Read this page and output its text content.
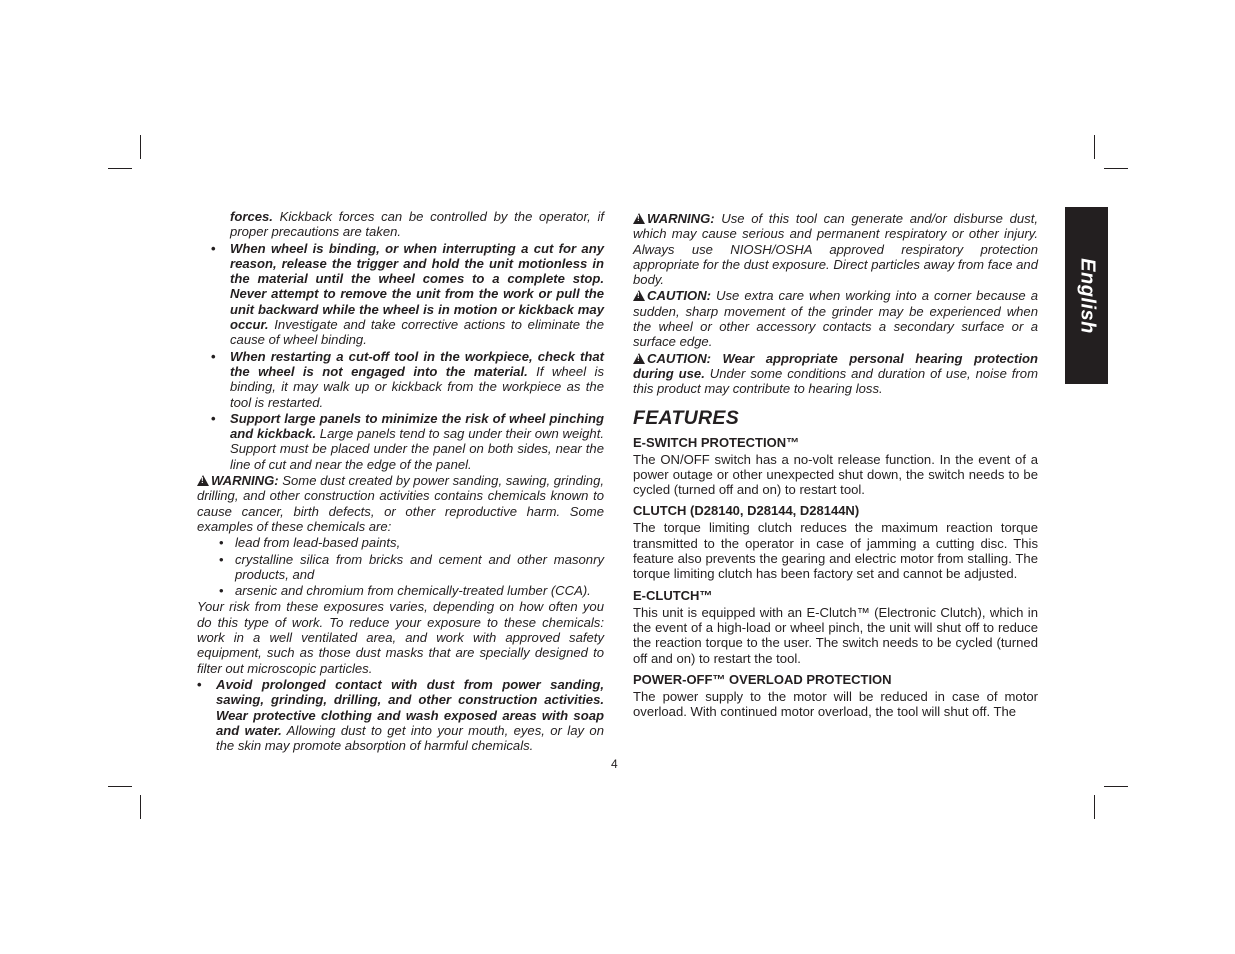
English

forces. Kickback forces can be controlled by the operator, if proper precautions are taken.

• When wheel is binding, or when interrupting a cut for any reason, release the trigger and hold the unit motionless in the material until the wheel comes to a complete stop. Never attempt to remove the unit from the work or pull the unit backward while the wheel is in motion or kickback may occur. Investigate and take corrective actions to eliminate the cause of wheel binding.

• When restarting a cut-off tool in the workpiece, check that the wheel is not engaged into the material. If wheel is binding, it may walk up or kickback from the workpiece as the tool is restarted.

• Support large panels to minimize the risk of wheel pinching and kickback. Large panels tend to sag under their own weight. Support must be placed under the panel on both sides, near the line of cut and near the edge of the panel.

!WARNING: Some dust created by power sanding, sawing, grinding, drilling, and other construction activities contains chemicals known to cause cancer, birth defects, or other reproductive harm. Some examples of these chemicals are:

• lead from lead-based paints,

• crystalline silica from bricks and cement and other masonry products, and

• arsenic and chromium from chemically-treated lumber (CCA).

Your risk from these exposures varies, depending on how often you do this type of work. To reduce your exposure to these chemicals: work in a well ventilated area, and work with approved safety equipment, such as those dust masks that are specially designed to filter out microscopic particles.

• Avoid prolonged contact with dust from power sanding, sawing, grinding, drilling, and other construction activities. Wear protective clothing and wash exposed areas with soap and water. Allowing dust to get into your mouth, eyes, or lay on the skin may promote absorption of harmful chemicals.

!WARNING: Use of this tool can generate and/or disburse dust, which may cause serious and permanent respiratory or other injury. Always use NIOSH/OSHA approved respiratory protection appropriate for the dust exposure. Direct particles away from face and body.

!CAUTION: Use extra care when working into a corner because a sudden, sharp movement of the grinder may be experienced when the wheel or other accessory contacts a secondary surface or a surface edge.

!CAUTION: Wear appropriate personal hearing protection during use. Under some conditions and duration of use, noise from this product may contribute to hearing loss.

FEATURES
E-SWITCH PROTECTION™

The ON/OFF switch has a no-volt release function. In the event of a power outage or other unexpected shut down, the switch needs to be cycled (turned off and on) to restart tool.

CLUTCH (D28140, D28144, D28144N)

The torque limiting clutch reduces the maximum reaction torque transmitted to the operator in case of jamming a cutting disc. This feature also prevents the gearing and electric motor from stalling. The torque limiting clutch has been factory set and cannot be adjusted.

E-CLUTCH™

This unit is equipped with an E-Clutch™ (Electronic Clutch), which in the event of a high-load or wheel pinch, the unit will shut off to reduce the reaction torque to the user. The switch needs to be cycled (turned off and on) to restart the tool.

POWER-OFF™ OVERLOAD PROTECTION

The power supply to the motor will be reduced in case of motor overload. With continued motor overload, the tool will shut off. The

4
